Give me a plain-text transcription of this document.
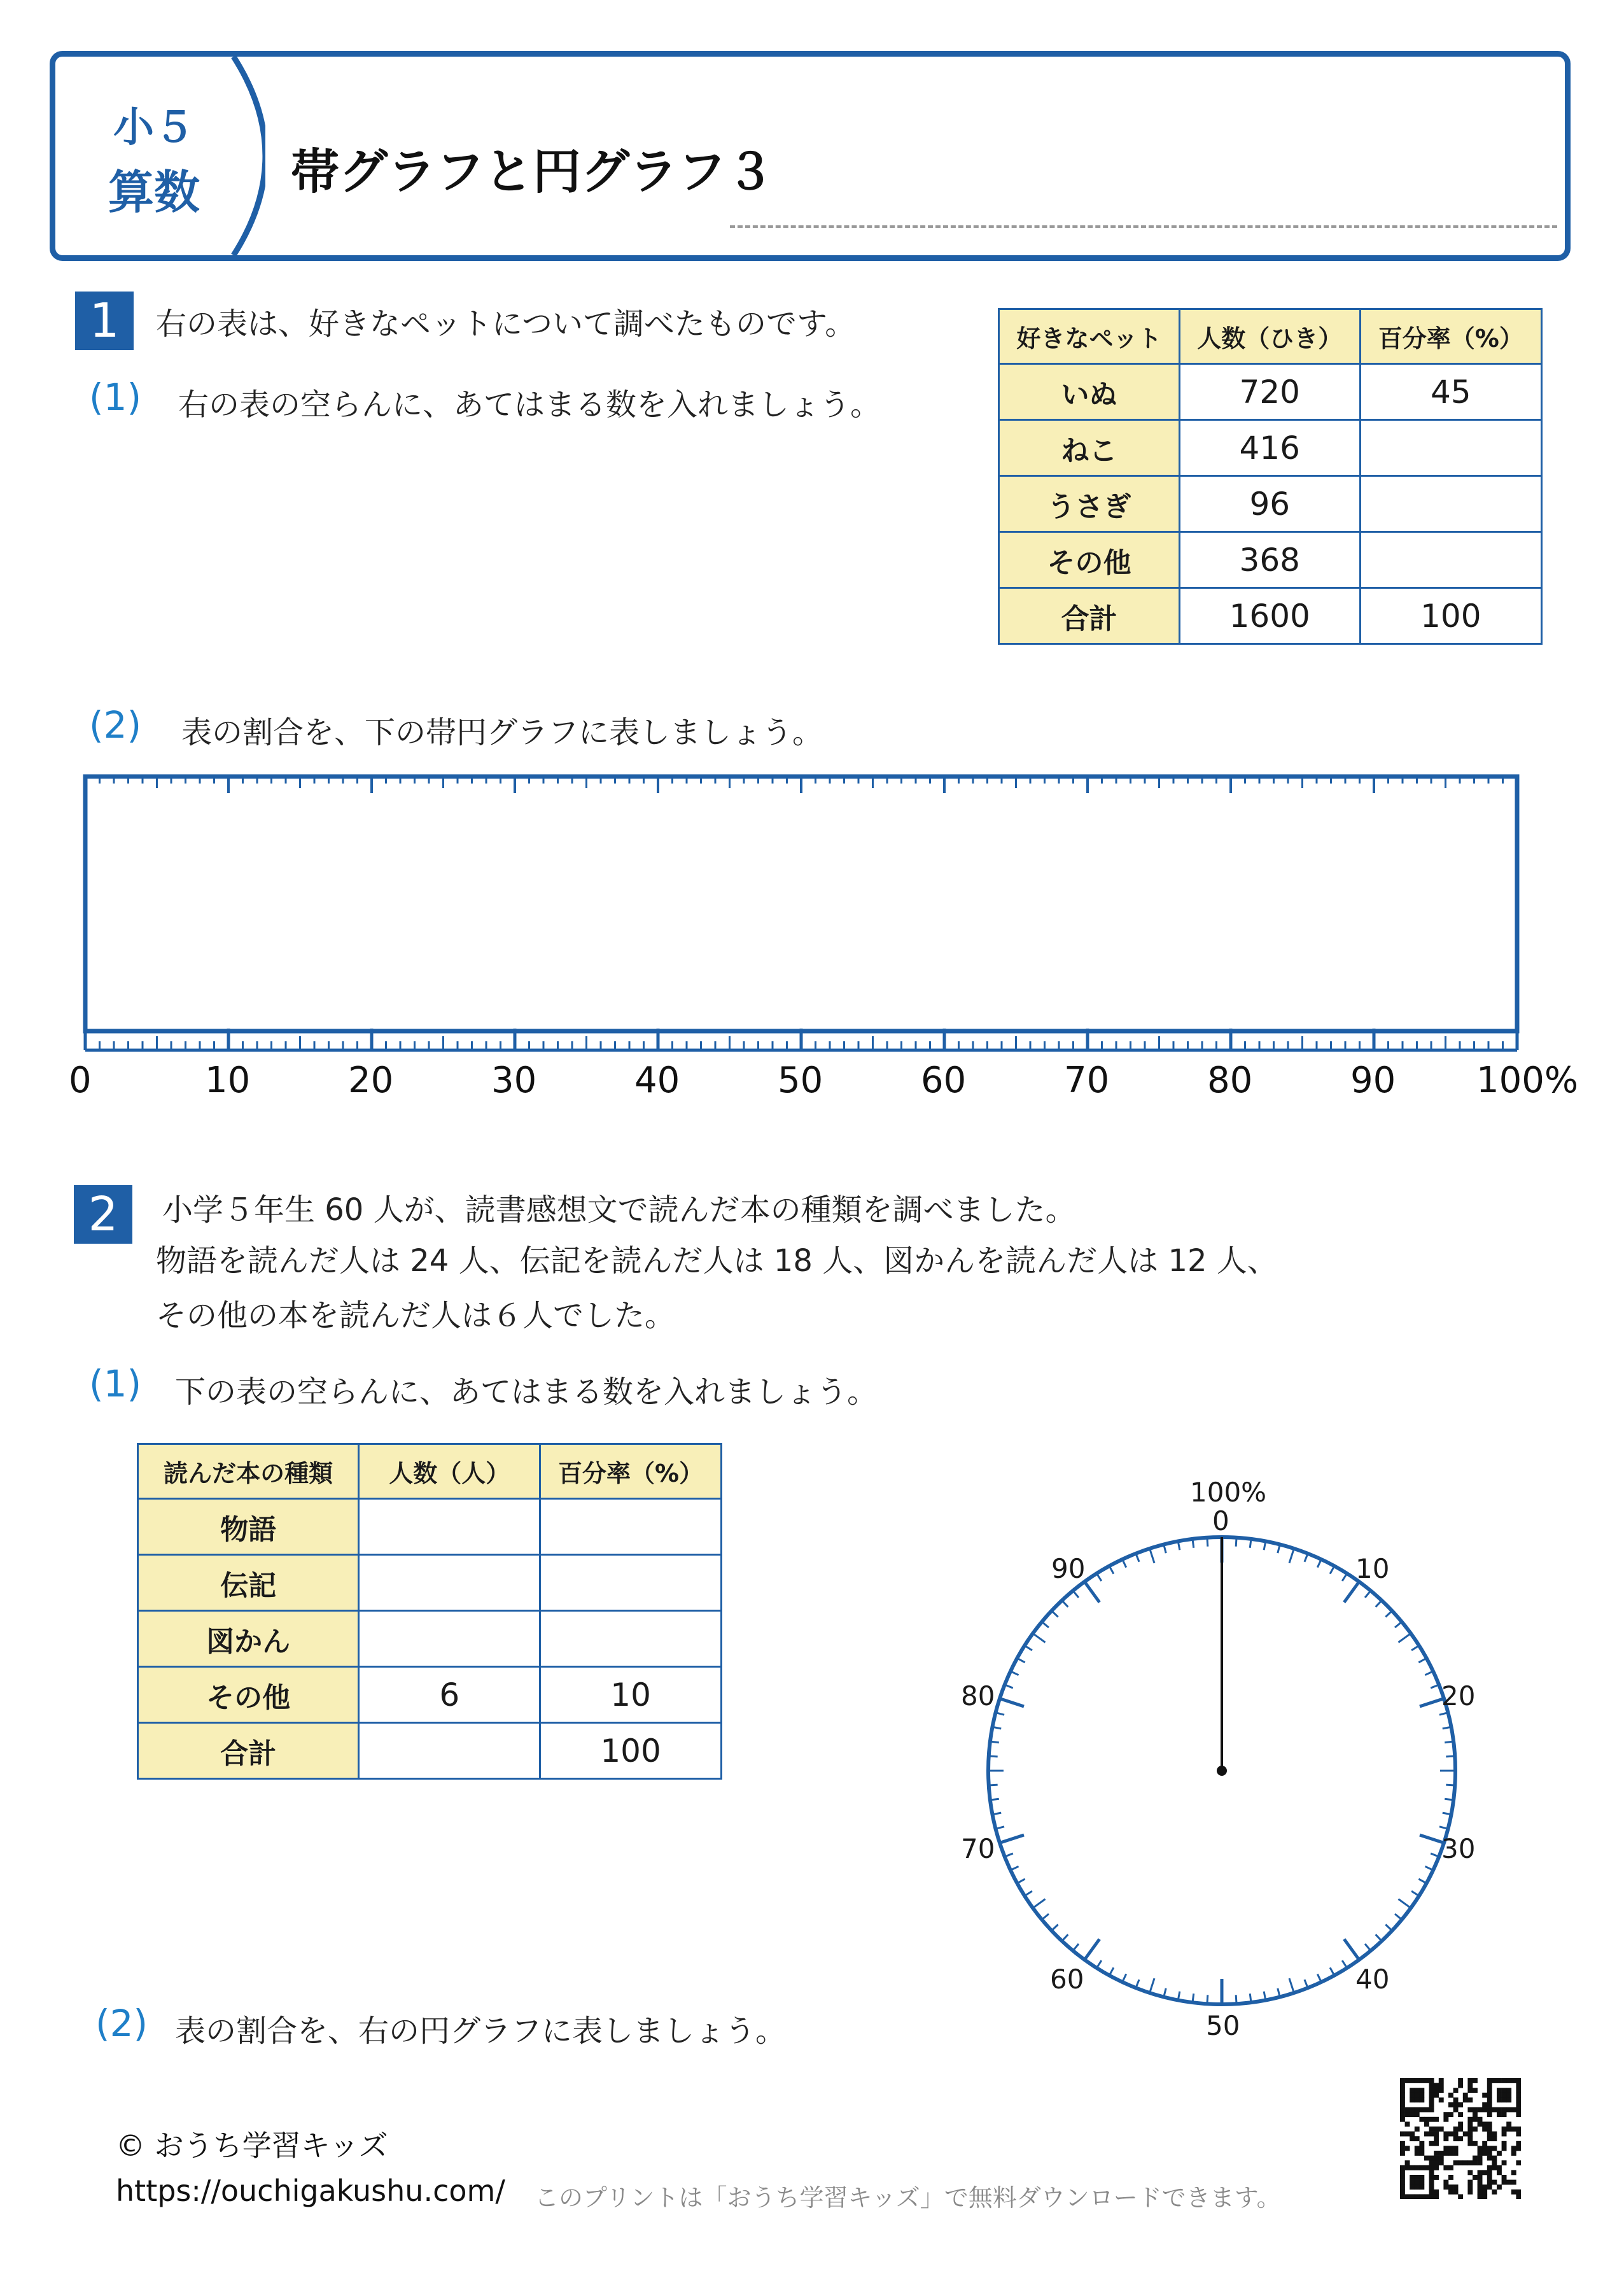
小５
算数	帯グラフと円グラフ３
1	右の表は、好きなペットについて調べたものです。
(1) 右の表の空らんに、あてはまる数を入れましょう。
好きなペット	人数（ひき）	百分率（%）
いぬ	720	45
ねこ	416	
うさぎ	96	
その他	368	
合計	1600	100
(2) 表の割合を、下の帯円グラフに表しましょう。
0	10	20	30	40	50	60	70	80	90 100%
2	小学５年生 60 人が、読書感想文で読んだ本の種類を調べました。
物語を読んだ人は 24 人、伝記を読んだ人は 18 人、図かんを読んだ人は 12 人、
その他の本を読んだ人は６人でした。
(1) 下の表の空らんに、あてはまる数を入れましょう。
読んだ本の種類	人数（人）	百分率（%）
物語		
伝記		
図かん		
その他	6	10
合計		100
100%
0
10
20
30
40
50
60
70
80
90
(2) 表の割合を、右の円グラフに表しましょう。
© おうち学習キッズ
https://ouchigakushu.com/ このプリントは「おうち学習キッズ」で無料ダウンロードできます。
